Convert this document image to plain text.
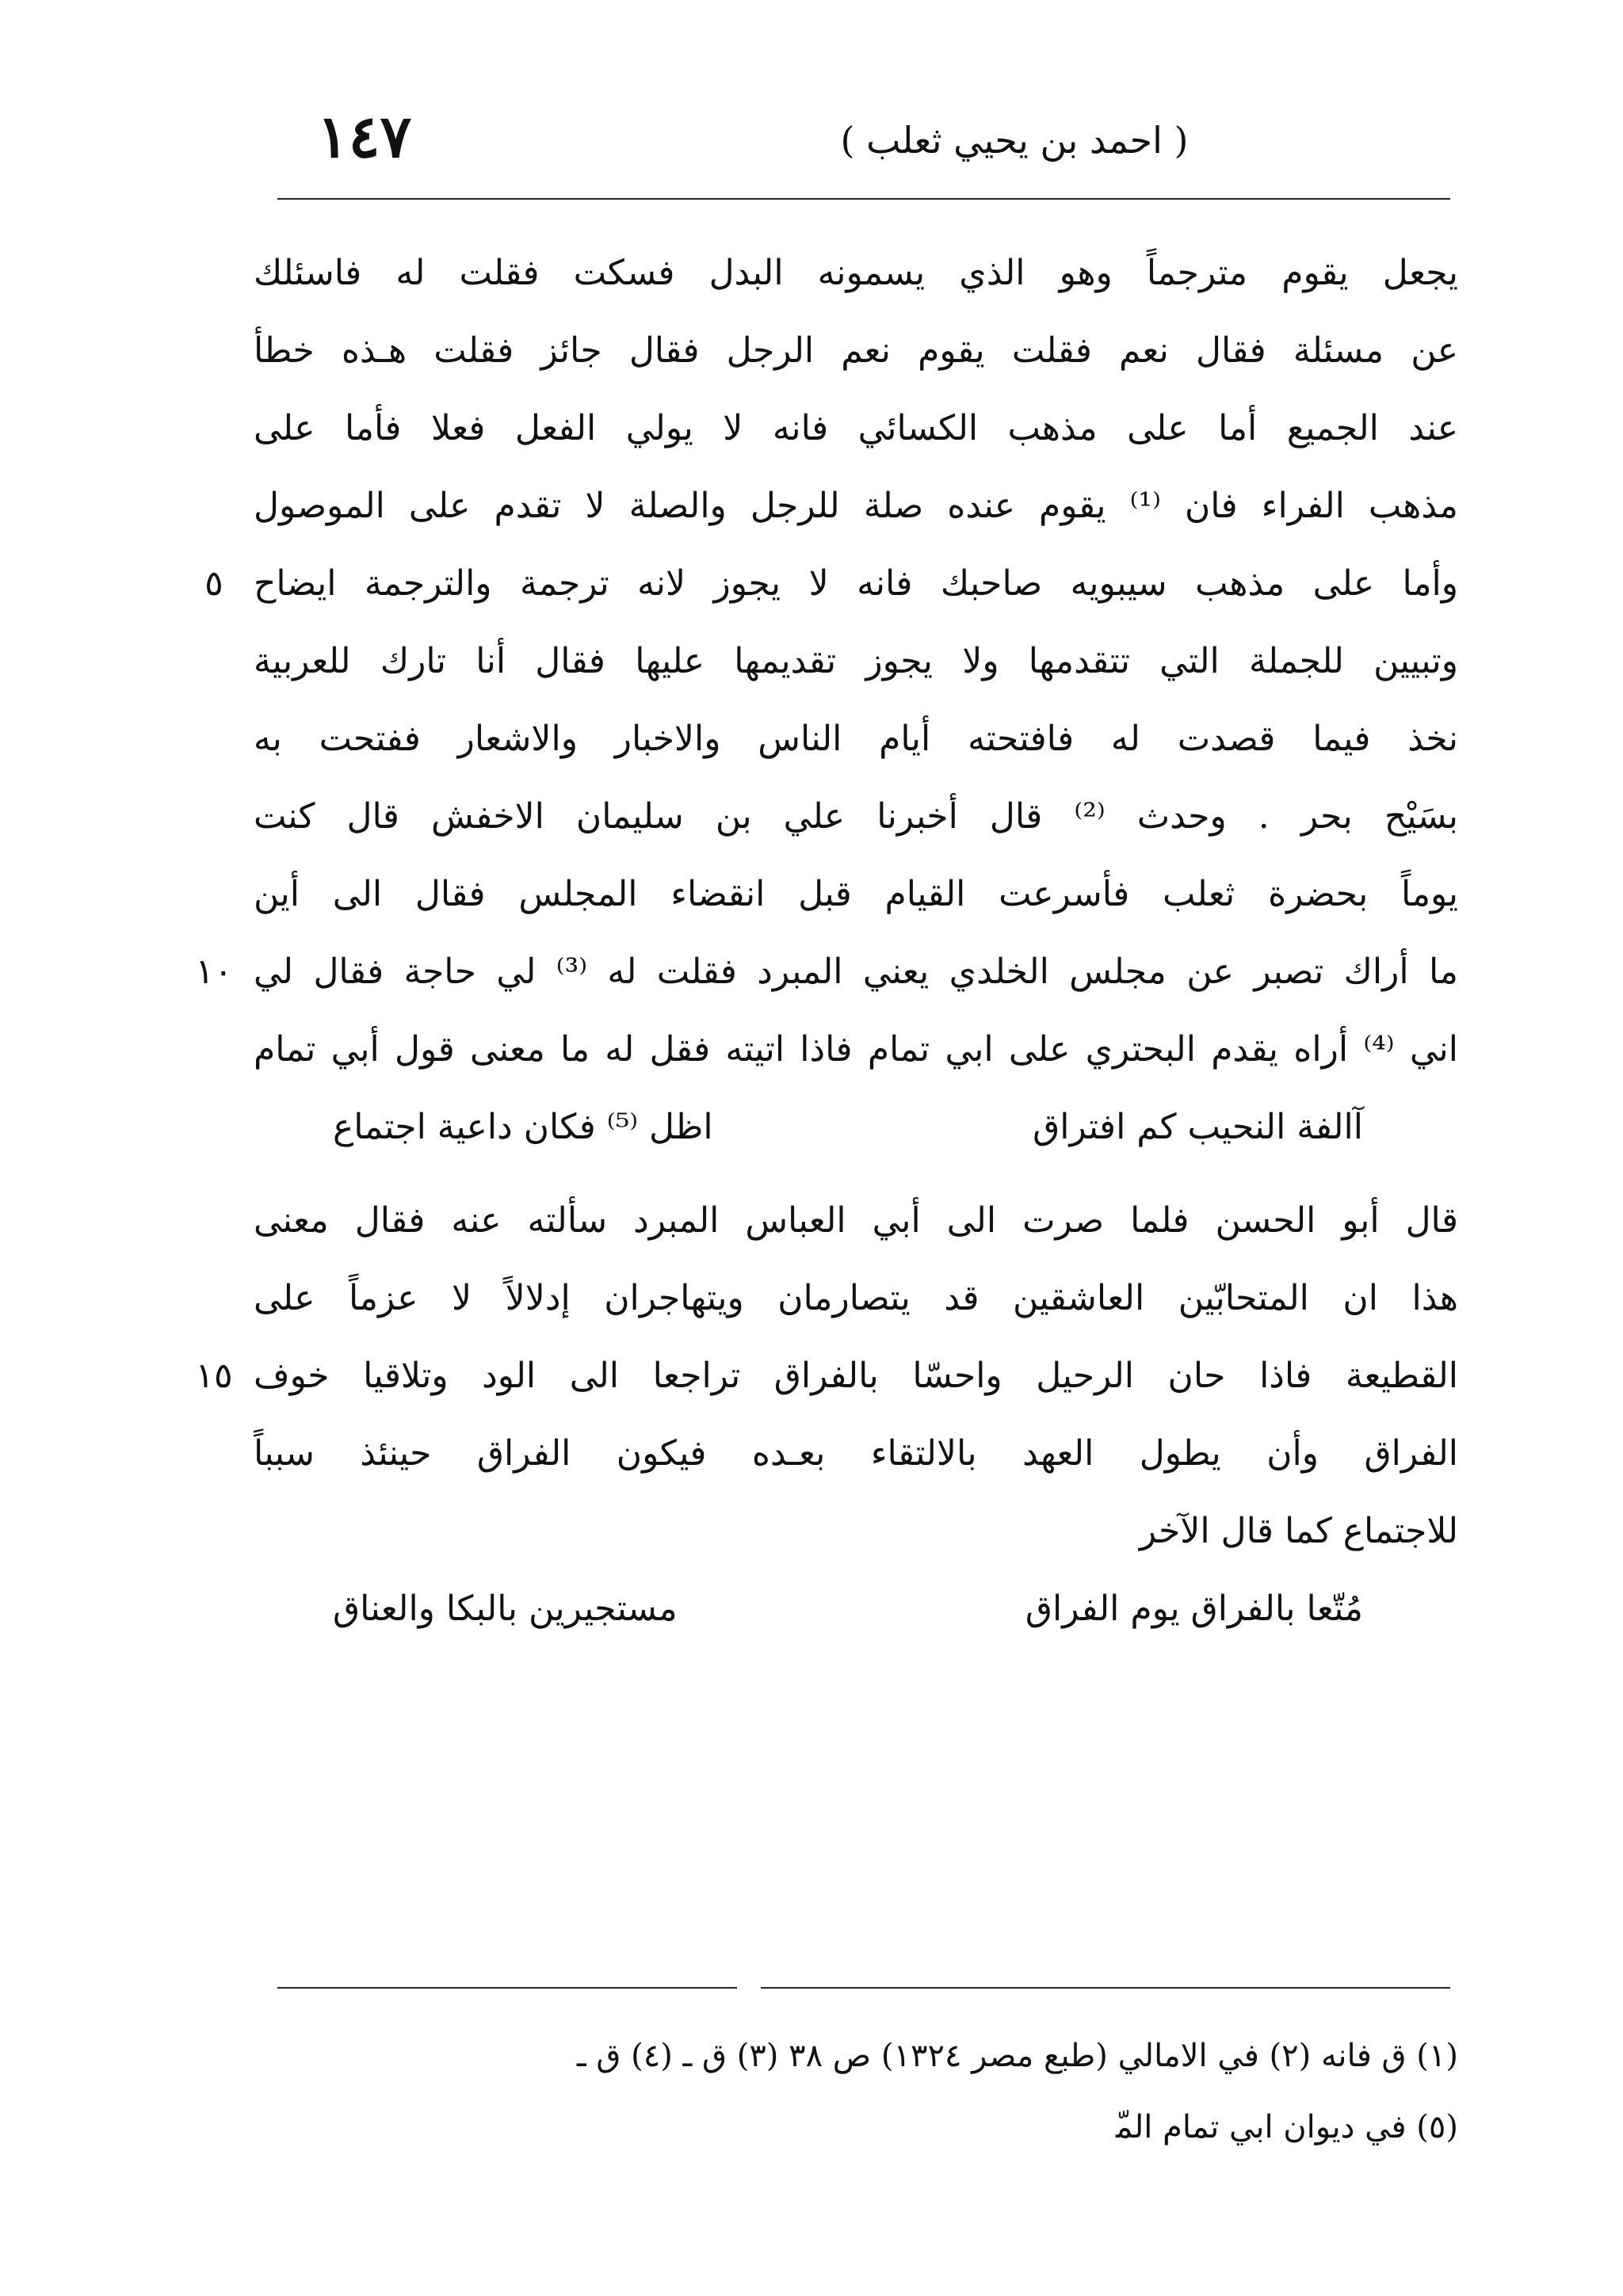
( احمد بن يحيي ثعلب )
١٤٧
يجعل يقوم مترجماً وهو الذي يسمونه البدل فسكت فقلت له فاسئلك
عن مسئلة فقال نعم فقلت يقوم نعم الرجل فقال جائز فقلت هـذه خطأ
عند الجميع أما على مذهب الكسائي فانه لا يولي الفعل فعلا فأما على
مذهب الفراء فان ⁽¹⁾ يقوم عنده صلة للرجل والصلة لا تقدم على الموصول
وأما على مذهب سيبويه صاحبك فانه لا يجوز لانه ترجمة والترجمة ايضاح
٥
وتبيين للجملة التي تتقدمها ولا يجوز تقديمها عليها فقال أنا تارك للعربية
نخذ فيما قصدت له فافتحته أيام الناس والاخبار والاشعار ففتحت به
بسَيْح بحر . وحدث ⁽²⁾ قال أخبرنا علي بن سليمان الاخفش قال كنت
يوماً بحضرة ثعلب فأسرعت القيام قبل انقضاء المجلس فقال الى أين
ما أراك تصبر عن مجلس الخلدي يعني المبرد فقلت له ⁽³⁾ لي حاجة فقال لي
١٠
اني ⁽⁴⁾ أراه يقدم البحتري على ابي تمام فاذا اتيته فقل له ما معنى قول أبي تمام
آالفة النحيب كم افتراق
اظل ⁽⁵⁾ فكان داعية اجتماع
قال أبو الحسن فلما صرت الى أبي العباس المبرد سألته عنه فقال معنى
هذا ان المتحابّين العاشقين قد يتصارمان ويتهاجران إدلالاً لا عزماً على
القطيعة فاذا حان الرحيل واحسّا بالفراق تراجعا الى الود وتلاقيا خوف
١٥
الفراق وأن يطول العهد بالالتقاء بعـده فيكون الفراق حينئذ سبباً
للاجتماع كما قال الآخر
مُتّعا بالفراق يوم الفراق
مستجيرين بالبكا والعناق
(١) ق فانه (٢) في الامالي (طبع مصر ١٣٢٤) ص ٣٨ (٣) ق ـ (٤) ق ـ
(٥) في ديوان ابي تمام الم‍ّ
